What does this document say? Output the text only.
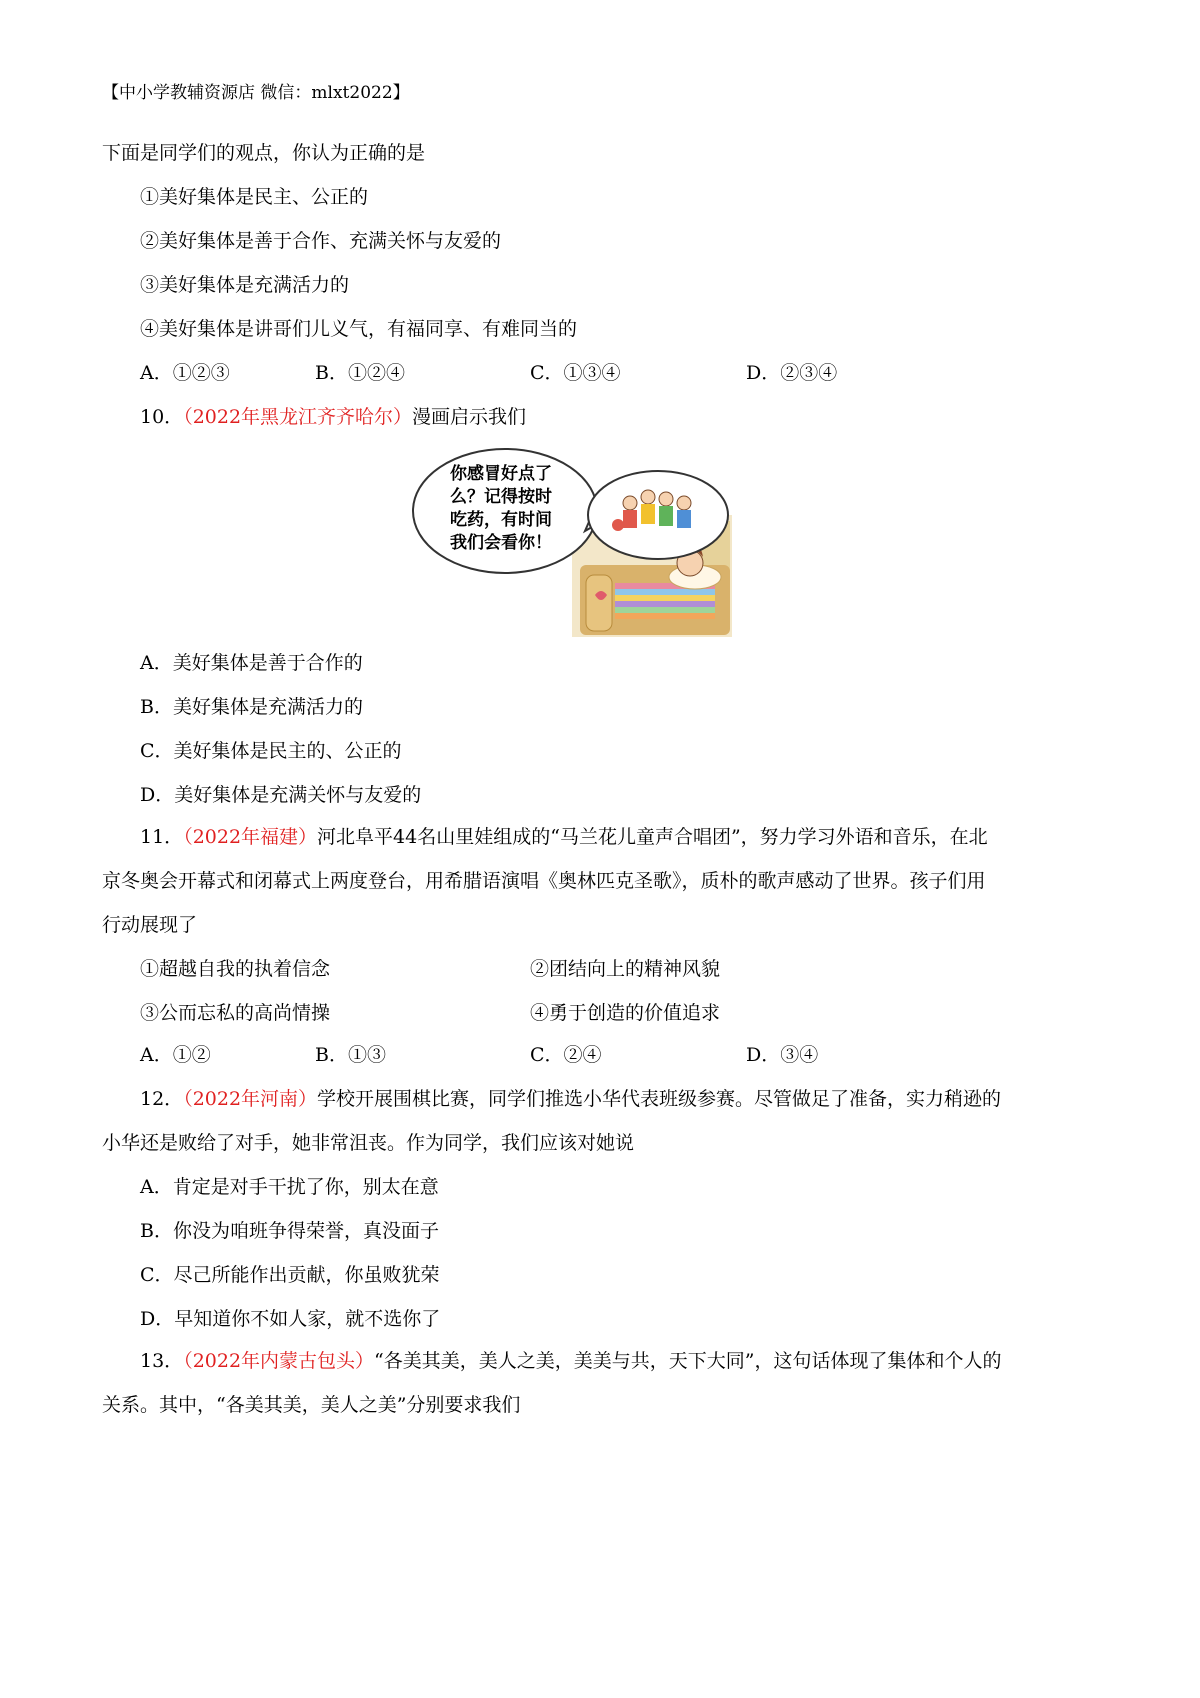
【中小学教辅资源店 微信：mlxt2022】
下面是同学们的观点，你认为正确的是
①美好集体是民主、公正的
②美好集体是善于合作、充满关怀与友爱的
③美好集体是充满活力的
④美好集体是讲哥们儿义气，有福同享、有难同当的
A．①②③	B．①②④	C．①③④	D．②③④
10．（2022年黑龙江齐齐哈尔）漫画启示我们
你感冒好点了
么？记得按时
吃药，有时间
我们会看你！
A．美好集体是善于合作的
B．美好集体是充满活力的
C．美好集体是民主的、公正的
D．美好集体是充满关怀与友爱的
11．（2022年福建）河北阜平44名山里娃组成的“马兰花儿童声合唱团”，努力学习外语和音乐，在北
京冬奥会开幕式和闭幕式上两度登台，用希腊语演唱《奥林匹克圣歌》，质朴的歌声感动了世界。孩子们用
行动展现了
①超越自我的执着信念	②团结向上的精神风貌
③公而忘私的高尚情操	④勇于创造的价值追求
A．①②	B．①③	C．②④	D．③④
12．（2022年河南）学校开展围棋比赛，同学们推选小华代表班级参赛。尽管做足了准备，实力稍逊的
小华还是败给了对手，她非常沮丧。作为同学，我们应该对她说
A．肯定是对手干扰了你，别太在意
B．你没为咱班争得荣誉，真没面子
C．尽己所能作出贡献，你虽败犹荣
D．早知道你不如人家，就不选你了
13．（2022年内蒙古包头）“各美其美，美人之美，美美与共，天下大同”，这句话体现了集体和个人的
关系。其中，“各美其美，美人之美”分别要求我们
